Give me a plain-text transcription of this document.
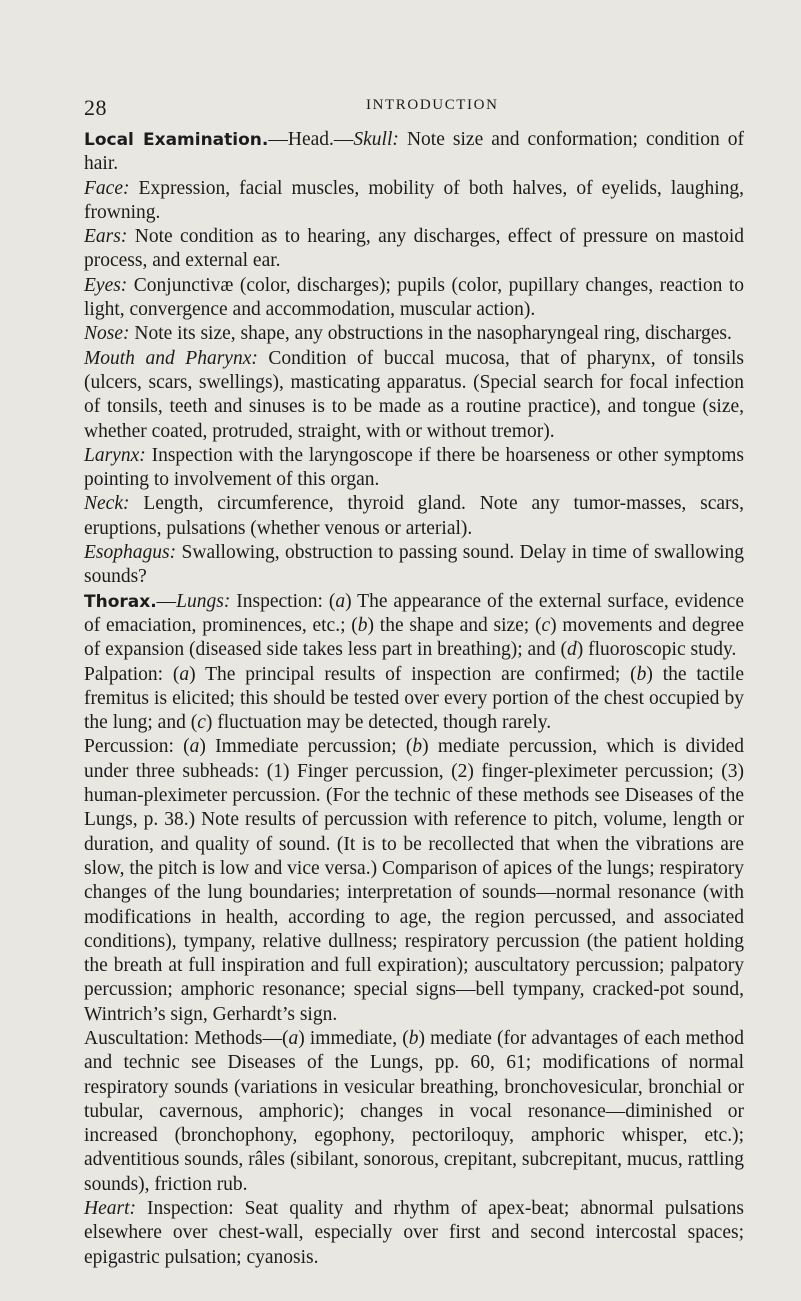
28	INTRODUCTION

Local Examination.—Head.—Skull: Note size and conformation; condition of hair.

Face: Expression, facial muscles, mobility of both halves, of eyelids, laughing, frowning.

Ears: Note condition as to hearing, any discharges, effect of pressure on mastoid process, and external ear.

Eyes: Conjunctivæ (color, discharges); pupils (color, pupillary changes, reaction to light, convergence and accommodation, muscular action).

Nose: Note its size, shape, any obstructions in the nasopharyngeal ring, discharges.

Mouth and Pharynx: Condition of buccal mucosa, that of pharynx, of tonsils (ulcers, scars, swellings), masticating apparatus. (Special search for focal infection of tonsils, teeth and sinuses is to be made as a routine practice), and tongue (size, whether coated, protruded, straight, with or without tremor).

Larynx: Inspection with the laryngoscope if there be hoarseness or other symptoms pointing to involvement of this organ.

Neck: Length, circumference, thyroid gland. Note any tumor-masses, scars, eruptions, pulsations (whether venous or arterial).

Esophagus: Swallowing, obstruction to passing sound. Delay in time of swallowing sounds?

Thorax.—Lungs: Inspection: (a) The appearance of the external surface, evidence of emaciation, prominences, etc.; (b) the shape and size; (c) movements and degree of expansion (diseased side takes less part in breathing); and (d) fluoroscopic study.

Palpation: (a) The principal results of inspection are confirmed; (b) the tactile fremitus is elicited; this should be tested over every portion of the chest occupied by the lung; and (c) fluctuation may be detected, though rarely.

Percussion: (a) Immediate percussion; (b) mediate percussion, which is divided under three subheads: (1) Finger percussion, (2) finger-pleximeter percussion; (3) human-pleximeter percussion. (For the technic of these methods see Diseases of the Lungs, p. 38.) Note results of percussion with reference to pitch, volume, length or duration, and quality of sound. (It is to be recollected that when the vibrations are slow, the pitch is low and vice versa.) Comparison of apices of the lungs; respiratory changes of the lung boundaries; interpretation of sounds—normal resonance (with modifications in health, according to age, the region percussed, and associated conditions), tympany, relative dullness; respiratory percussion (the patient holding the breath at full inspiration and full expiration); auscultatory percussion; palpatory percussion; amphoric resonance; special signs—bell tympany, cracked-pot sound, Wintrich’s sign, Gerhardt’s sign.

Auscultation: Methods—(a) immediate, (b) mediate (for advantages of each method and technic see Diseases of the Lungs, pp. 60, 61; modifications of normal respiratory sounds (variations in vesicular breathing, bronchovesicular, bronchial or tubular, cavernous, amphoric); changes in vocal resonance—diminished or increased (bronchophony, egophony, pectoriloquy, amphoric whisper, etc.); adventitious sounds, râles (sibilant, sonorous, crepitant, subcrepitant, mucus, rattling sounds), friction rub.

Heart: Inspection: Seat quality and rhythm of apex-beat; abnormal pulsations elsewhere over chest-wall, especially over first and second intercostal spaces; epigastric pulsation; cyanosis.
